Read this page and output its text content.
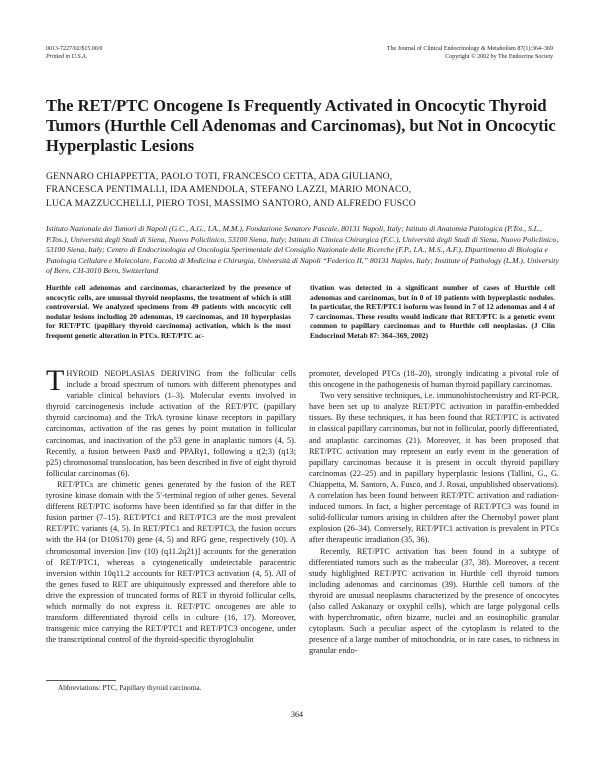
0013-7227/02/$15.00/0
Printed in U.S.A.
The Journal of Clinical Endocrinology & Metabolism 87(1):364–369
Copyright © 2002 by The Endocrine Society
The RET/PTC Oncogene Is Frequently Activated in Oncocytic Thyroid Tumors (Hurthle Cell Adenomas and Carcinomas), but Not in Oncocytic Hyperplastic Lesions
GENNARO CHIAPPETTA, PAOLO TOTI, FRANCESCO CETTA, ADA GIULIANO,
FRANCESCA PENTIMALLI, IDA AMENDOLA, STEFANO LAZZI, MARIO MONACO,
LUCA MAZZUCCHELLI, PIERO TOSI, MASSIMO SANTORO, AND ALFREDO FUSCO
Istituto Nazionale dei Tumori di Napoli (G.C., A.G., I.A., M.M.), Fondazione Senatore Pascale, 80131 Napoli, Italy; Istituto di Anatomia Patologica (P.Tot., S.L., P.Tos.), Università degli Studi di Siena, Nuovo Policlinico, 53100 Siena, Italy; Istituto di Clinica Chirurgica (F.C.), Università degli Studi di Siena, Nuovo Policlinico, 53100 Siena, Italy; Centro di Endocrinologia ed Oncologia Sperimentale del Consiglio Nazionale delle Ricerche (F.P., I.A., M.S., A.F.), Dipartimento di Biologia e Patologia Cellulare e Molecolare, Facoltà di Medicina e Chirurgia, Università di Napoli “Federico II,” 80131 Naples, Italy; Institute of Pathology (L.M.), University of Bern, CH-3010 Bern, Switzerland
Hurthle cell adenomas and carcinomas, characterized by the presence of oncocytic cells, are unusual thyroid neoplasms, the treatment of which is still controversial. We analyzed specimens from 49 patients with oncocytic cell nodular lesions including 20 adenomas, 19 carcinomas, and 10 hyperplasias for RET/PTC (papillary thyroid carcinoma) activation, which is the most frequent genetic alteration in PTCs. RET/PTC ac-
tivation was detected in a significant number of cases of Hurthle cell adenomas and carcinomas, but in 0 of 10 patients with hyperplastic nodules. In particular, the RET/PTC1 isoform was found in 7 of 12 adenomas and 4 of 7 carcinomas. These results would indicate that RET/PTC is a genetic event common to papillary carcinomas and to Hurthle cell neoplasias. (J Clin Endocrinol Metab 87: 364–369, 2002)

THYROID NEOPLASIAS DERIVING from the follicular cells include a broad spectrum of tumors with different phenotypes and variable clinical behaviors (1–3). Molecular events involved in thyroid carcinogenesis include activation of the RET/PTC (papillary thyroid carcinoma) and the TrkA tyrosine kinase receptors in papillary carcinomas, activation of the ras genes by point mutation in follicular carcinomas, and inactivation of the p53 gene in anaplastic tumors (4, 5). Recently, a fusion between Pax8 and PPARγ1, following a t(2;3) (q13; p25) chromosomal translocation, has been described in five of eight thyroid follicular carcinomas (6).

RET/PTCs are chimeric genes generated by the fusion of the RET tyrosine kinase domain with the 5′-terminal region of other genes. Several different RET/PTC isoforms have been identified so far that differ in the fusion partner (7–15). RET/PTC1 and RET/PTC3 are the most prevalent RET/PTC variants (4, 5). In RET/PTC1 and RET/PTC3, the fusion occurs with the H4 (or D10S170) gene (4, 5) and RFG gene, respectively (10). A chromosomal inversion [inv (10) (q11.2q21)] accounts for the generation of RET/PTC1, whereas a cytogenetically undetectable paracentric inversion within 10q11.2 accounts for RET/PTC3 activation (4, 5). All of the genes fused to RET are ubiquitously expressed and therefore able to drive the expression of truncated forms of RET in thyroid follicular cells, which normally do not express it. RET/PTC oncogenes are able to transform differentiated thyroid cells in culture (16, 17). Moreover, transgenic mice carrying the RET/PTC1 and RET/PTC3 oncogene, under the transcriptional control of the thyroid-specific thyroglobulin

promoter, developed PTCs (18–20), strongly indicating a pivotal role of this oncogene in the pathogenesis of human thyroid papillary carcinomas.

Two very sensitive techniques, i.e. immunohistochemistry and RT-PCR, have been set up to analyze RET/PTC activation in paraffin-embedded tissues. By these techniques, it has been found that RET/PTC is activated in classical papillary carcinomas, but not in follicular, poorly differentiated, and anaplastic carcinomas (21). Moreover, it has been proposed that RET/PTC activation may represent an early event in the generation of papillary carcinomas because it is present in occult thyroid papillary carcinomas (22–25) and in papillary hyperplastic lesions (Tallini, G., G. Chiappetta, M. Santoro, A. Fusco, and J. Rosai, unpublished observations). A correlation has been found between RET/PTC activation and radiation-induced tumors. In fact, a higher percentage of RET/PTC3 was found in solid-follicular tumors arising in children after the Chernobyl power plant explosion (26–34). Conversely, RET/PTC1 activation is prevalent in PTCs after therapeutic irradiation (35, 36).

Recently, RET/PTC activation has been found in a subtype of differentiated tumors such as the trabecular (37, 38). Moreover, a recent study highlighted RET/PTC activation in Hurthle cell thyroid tumors including adenomas and carcinomas (39). Hurthle cell tumors of the thyroid are unusual neoplasms characterized by the presence of oncocytes (also called Askanazy or oxyphil cells), which are large polygonal cells with hyperchromatic, often bizarre, nuclei and an eosinophilic granular cytoplasm. Such a peculiar aspect of the cytoplasm is related to the presence of a large number of mitochondria, or in rare cases, to richness in granular endo-

Abbreviations: PTC, Papillary thyroid carcinoma.
364
